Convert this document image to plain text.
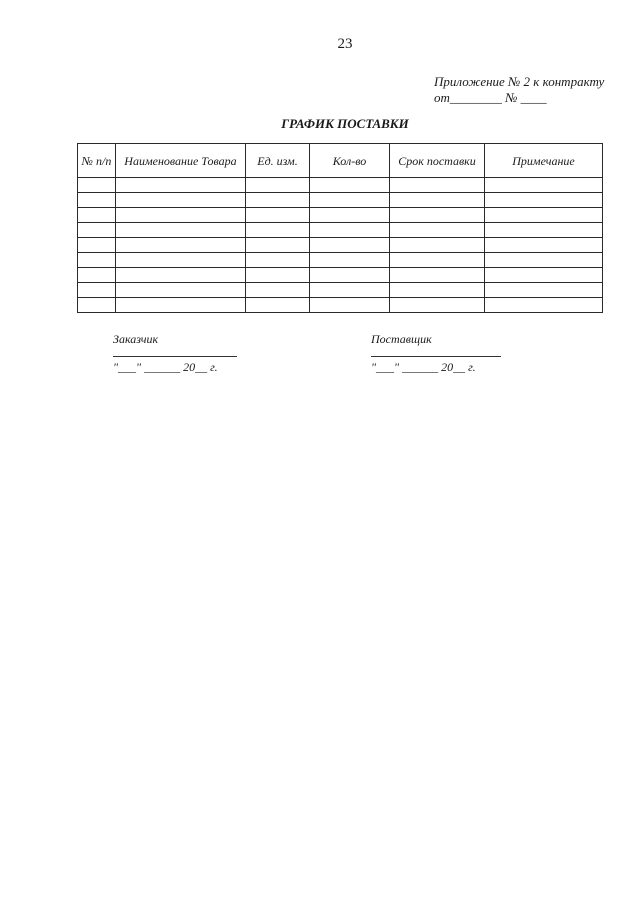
23
Приложение № 2 к контракту
от________ № ____
ГРАФИК ПОСТАВКИ
№ п/п	Наименование Товара	Ед. изм.	Кол-во	Срок поставки	Примечание

Заказчик
"___" ______ 20__ г.
Поставщик
"___" ______ 20__ г.
